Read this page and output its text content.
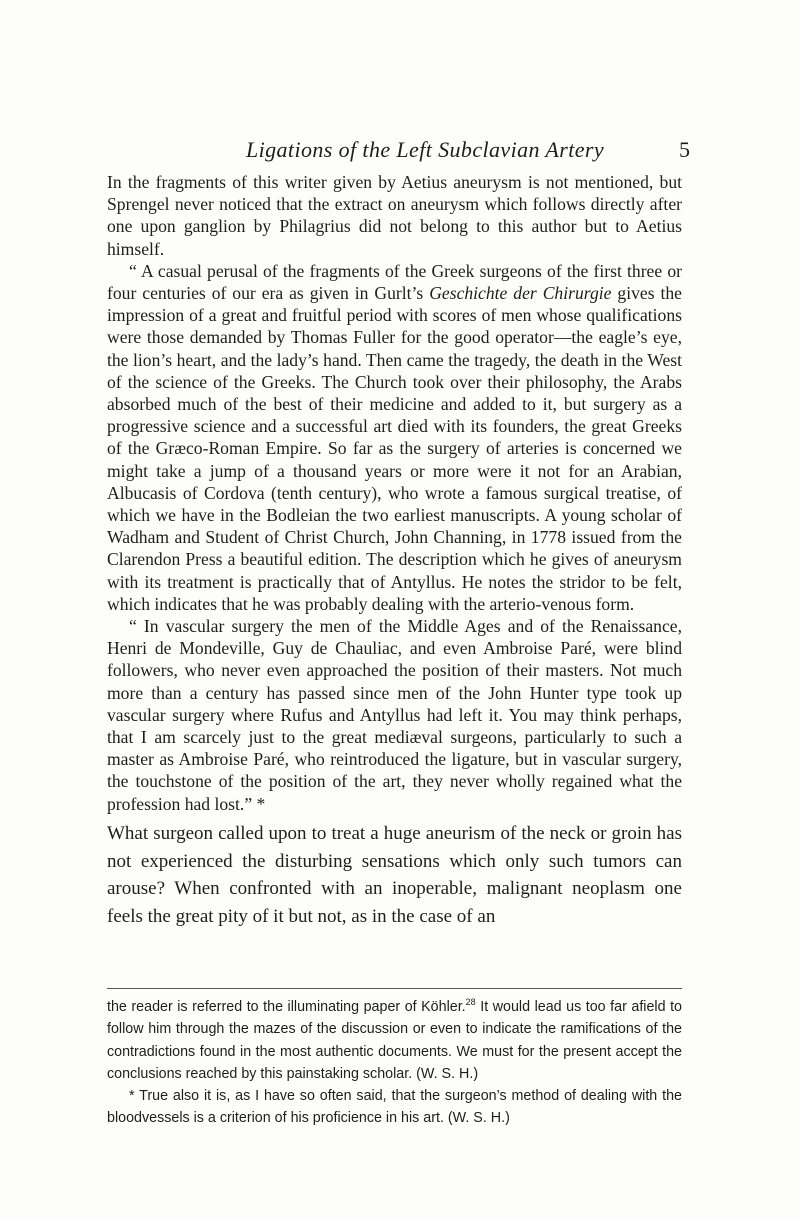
Ligations of the Left Subclavian Artery	5

In the fragments of this writer given by Aetius aneurysm is not mentioned, but Sprengel never noticed that the extract on aneurysm which follows directly after one upon ganglion by Philagrius did not belong to this author but to Aetius himself.

“ A casual perusal of the fragments of the Greek surgeons of the first three or four centuries of our era as given in Gurlt’s Geschichte der Chirurgie gives the impression of a great and fruitful period with scores of men whose qualifications were those demanded by Thomas Fuller for the good operator—the eagle’s eye, the lion’s heart, and the lady’s hand. Then came the tragedy, the death in the West of the science of the Greeks. The Church took over their philosophy, the Arabs absorbed much of the best of their medicine and added to it, but surgery as a progressive science and a successful art died with its founders, the great Greeks of the Græco-Roman Empire. So far as the surgery of arteries is concerned we might take a jump of a thousand years or more were it not for an Arabian, Albucasis of Cordova (tenth century), who wrote a famous surgical treatise, of which we have in the Bodleian the two earliest manuscripts. A young scholar of Wadham and Student of Christ Church, John Channing, in 1778 issued from the Clarendon Press a beautiful edition. The description which he gives of aneurysm with its treatment is practically that of Antyllus. He notes the stridor to be felt, which indicates that he was probably dealing with the arterio-venous form.

“ In vascular surgery the men of the Middle Ages and of the Renaissance, Henri de Mondeville, Guy de Chauliac, and even Ambroise Paré, were blind followers, who never even approached the position of their masters. Not much more than a century has passed since men of the John Hunter type took up vascular surgery where Rufus and Antyllus had left it. You may think perhaps, that I am scarcely just to the great mediæval surgeons, particularly to such a master as Ambroise Paré, who reintroduced the ligature, but in vascular surgery, the touchstone of the position of the art, they never wholly regained what the profession had lost.” *

What surgeon called upon to treat a huge aneurism of the neck or groin has not experienced the disturbing sensations which only such tumors can arouse? When confronted with an inoperable, malignant neoplasm one feels the great pity of it but not, as in the case of an

the reader is referred to the illuminating paper of Köhler.$^{28}$ It would lead us too far afield to follow him through the mazes of the discussion or even to indicate the ramifications of the contradictions found in the most authentic documents. We must for the present accept the conclusions reached by this painstaking scholar. (W. S. H.)

* True also it is, as I have so often said, that the surgeon’s method of dealing with the bloodvessels is a criterion of his proficience in his art. (W. S. H.)
